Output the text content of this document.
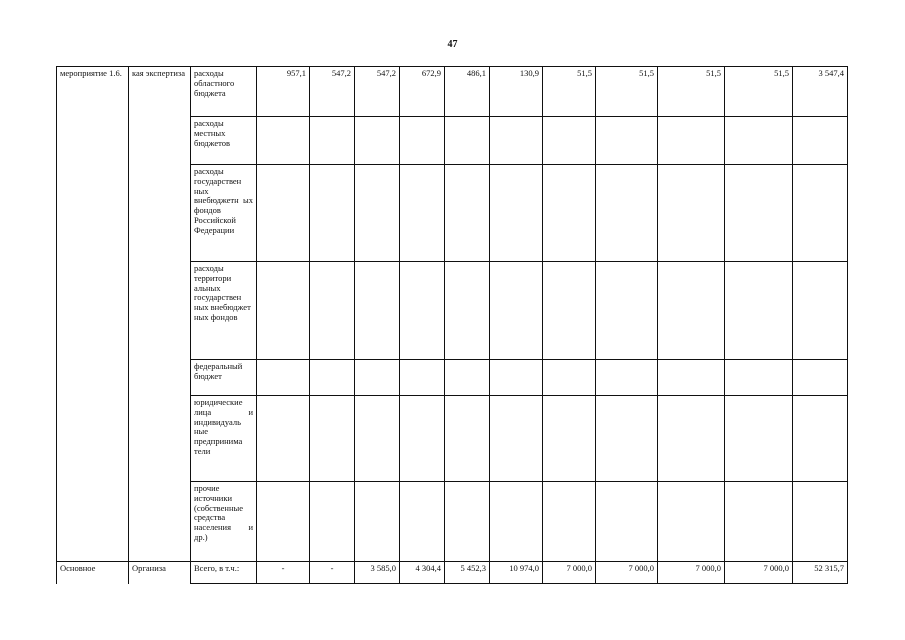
47
мероприятие 1.6.	кая экспертиза	расходы областного бюджета	957,1	547,2	547,2	672,9	486,1	130,9	51,5	51,5	51,5	51,5	3 547,4
		расходы местных бюджетов											
		расходы государствен ных внебюджетн ых фондов Российской Федерации											
		расходы территори альных государствен ных внебюджет ных фондов											
		федеральный бюджет											
		юридические лица и индивидуаль ные предпринима тели											
		прочие источники (собственные средства населения и др.)											
Основное	Организа	Всего, в т.ч.:	-	-	3 585,0	4 304,4	5 452,3	10 974,0	7 000,0	7 000,0	7 000,0	7 000,0	52 315,7
